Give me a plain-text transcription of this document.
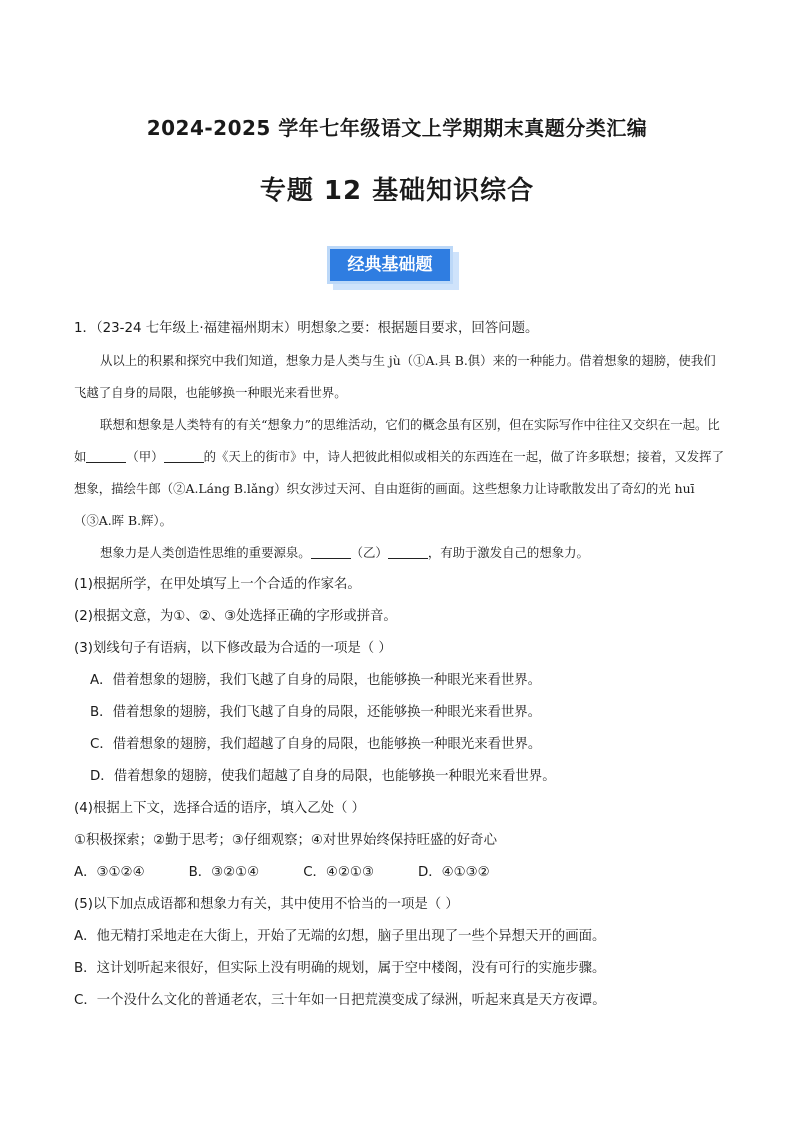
2024-2025 学年七年级语文上学期期末真题分类汇编
专题 12 基础知识综合
经典基础题
1．（23-24 七年级上·福建福州期末）明想象之要：根据题目要求，回答问题。
从以上的积累和探究中我们知道，想象力是人类与生 jù（①A.具 B.俱）来的一种能力。借着想象的翅膀，使我们飞越了自身的局限，也能够换一种眼光来看世界。
联想和想象是人类特有的有关“想象力”的思维活动，它们的概念虽有区别，但在实际写作中往往又交织在一起。比如	（甲）	的《天上的街市》中，诗人把彼此相似或相关的东西连在一起，做了许多联想；接着，又发挥了想象，描绘牛郎（②A.Láng B.lǎng）织女涉过天河、自由逛街的画面。这些想象力让诗歌散发出了奇幻的光 huī（③A.晖 B.辉）。
想象力是人类创造性思维的重要源泉。	（乙）	，有助于激发自己的想象力。
(1)根据所学，在甲处填写上一个合适的作家名。
(2)根据文意，为①、②、③处选择正确的字形或拼音。
(3)划线句子有语病，以下修改最为合适的一项是（ ）
A．借着想象的翅膀，我们飞越了自身的局限，也能够换一种眼光来看世界。
B．借着想象的翅膀，我们飞越了自身的局限，还能够换一种眼光来看世界。
C．借着想象的翅膀，我们超越了自身的局限，也能够换一种眼光来看世界。
D．借着想象的翅膀，使我们超越了自身的局限，也能够换一种眼光来看世界。
(4)根据上下文，选择合适的语序，填入乙处（ ）
①积极探索；②勤于思考；③仔细观察；④对世界始终保持旺盛的好奇心
A．③①②④	B．③②①④	C．④②①③	D．④①③②
(5)以下加点成语都和想象力有关，其中使用不恰当的一项是（ ）
A．他无精打采地走在大街上，开始了无端的幻想，脑子里出现了一些个异想天开的画面。
B．这计划听起来很好，但实际上没有明确的规划，属于空中楼阁，没有可行的实施步骤。
C．一个没什么文化的普通老农，三十年如一日把荒漠变成了绿洲，听起来真是天方夜谭。
